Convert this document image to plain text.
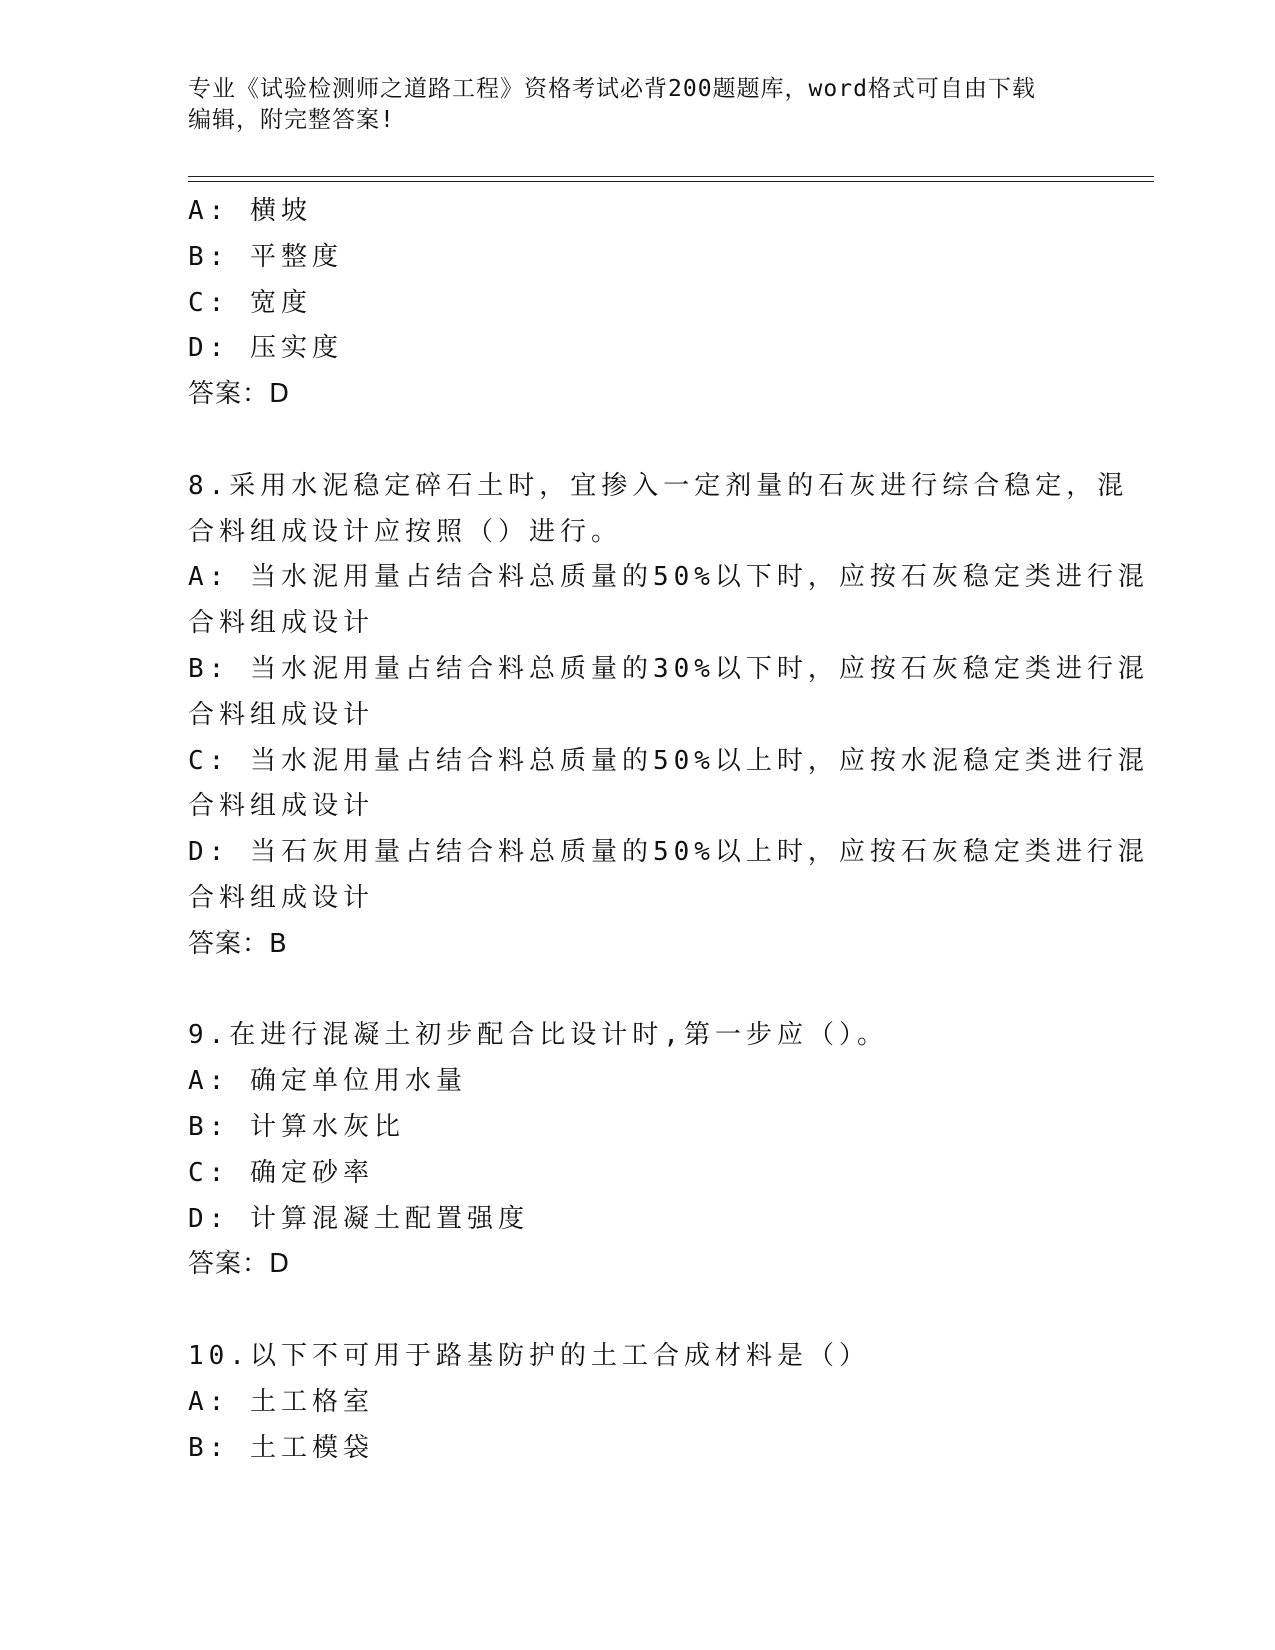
专业《试验检测师之道路工程》资格考试必背200题题库，word格式可自由下载
编辑，附完整答案!
A: 横坡
B: 平整度
C: 宽度
D: 压实度
答案：D
8.采用水泥稳定碎石土时，宜掺入一定剂量的石灰进行综合稳定，混
合料组成设计应按照（）进行。
A: 当水泥用量占结合料总质量的50%以下时，应按石灰稳定类进行混
合料组成设计
B: 当水泥用量占结合料总质量的30%以下时，应按石灰稳定类进行混
合料组成设计
C: 当水泥用量占结合料总质量的50%以上时，应按水泥稳定类进行混
合料组成设计
D: 当石灰用量占结合料总质量的50%以上时，应按石灰稳定类进行混
合料组成设计
答案：B
9.在进行混凝土初步配合比设计时,第一步应（）。
A: 确定单位用水量
B: 计算水灰比
C: 确定砂率
D: 计算混凝土配置强度
答案：D
10.以下不可用于路基防护的土工合成材料是（）
A: 土工格室
B: 土工模袋
